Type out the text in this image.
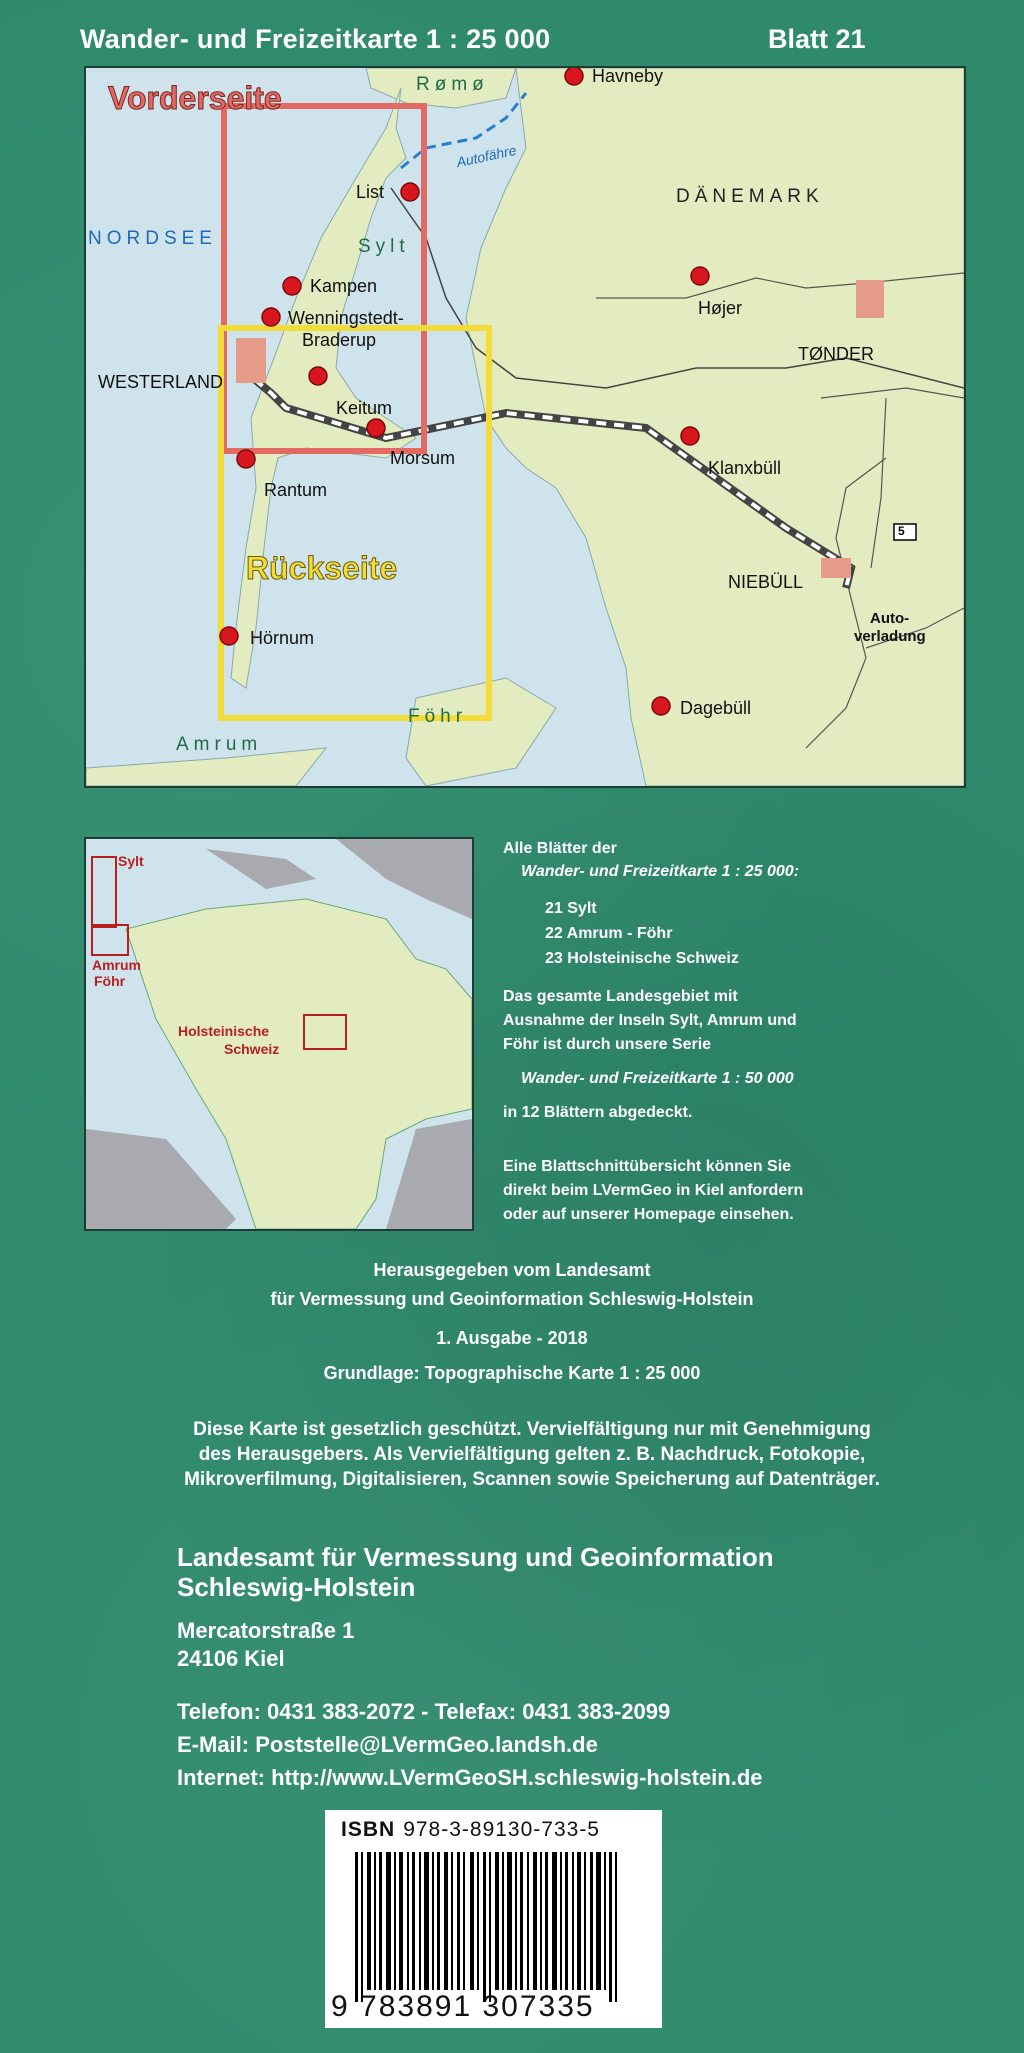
Wander- und Freizeitkarte 1 : 25 000	Blatt 21
Vorderseite
Rückseite
Rømø	Havneby
Autofähre
List	DÄNEMARK
NORDSEE	Sylt
Kampen
Wenningstedt-
Braderup
Højer
TØNDER
WESTERLAND
Keitum
Morsum	Klanxbüll
Rantum
5
NIEBÜLL
Auto-
verladung
Hörnum
Dagebüll
Amrum
Föhr
Sylt
Amrum
Föhr
Holsteinische
Schweiz
Alle Blätter der
Wander- und Freizeitkarte 1 : 25 000:
21 Sylt
22 Amrum - Föhr
23 Holsteinische Schweiz
Das gesamte Landesgebiet mit
Ausnahme der Inseln Sylt, Amrum und
Föhr ist durch unsere Serie
Wander- und Freizeitkarte 1 : 50 000
in 12 Blättern abgedeckt.
Eine Blattschnittübersicht können Sie
direkt beim LVermGeo in Kiel anfordern
oder auf unserer Homepage einsehen.
Herausgegeben vom Landesamt
für Vermessung und Geoinformation Schleswig-Holstein
1. Ausgabe - 2018
Grundlage: Topographische Karte 1 : 25 000
Diese Karte ist gesetzlich geschützt. Vervielfältigung nur mit Genehmigung
des Herausgebers. Als Vervielfältigung gelten z. B. Nachdruck, Fotokopie,
Mikroverfilmung, Digitalisieren, Scannen sowie Speicherung auf Datenträger.
Landesamt für Vermessung und Geoinformation
Schleswig-Holstein
Mercatorstraße 1
24106 Kiel
Telefon: 0431 383-2072 - Telefax: 0431 383-2099
E-Mail: Poststelle@LVermGeo.landsh.de
Internet: http://www.LVermGeoSH.schleswig-holstein.de
ISBN 978-3-89130-733-5
9 783891 307335
